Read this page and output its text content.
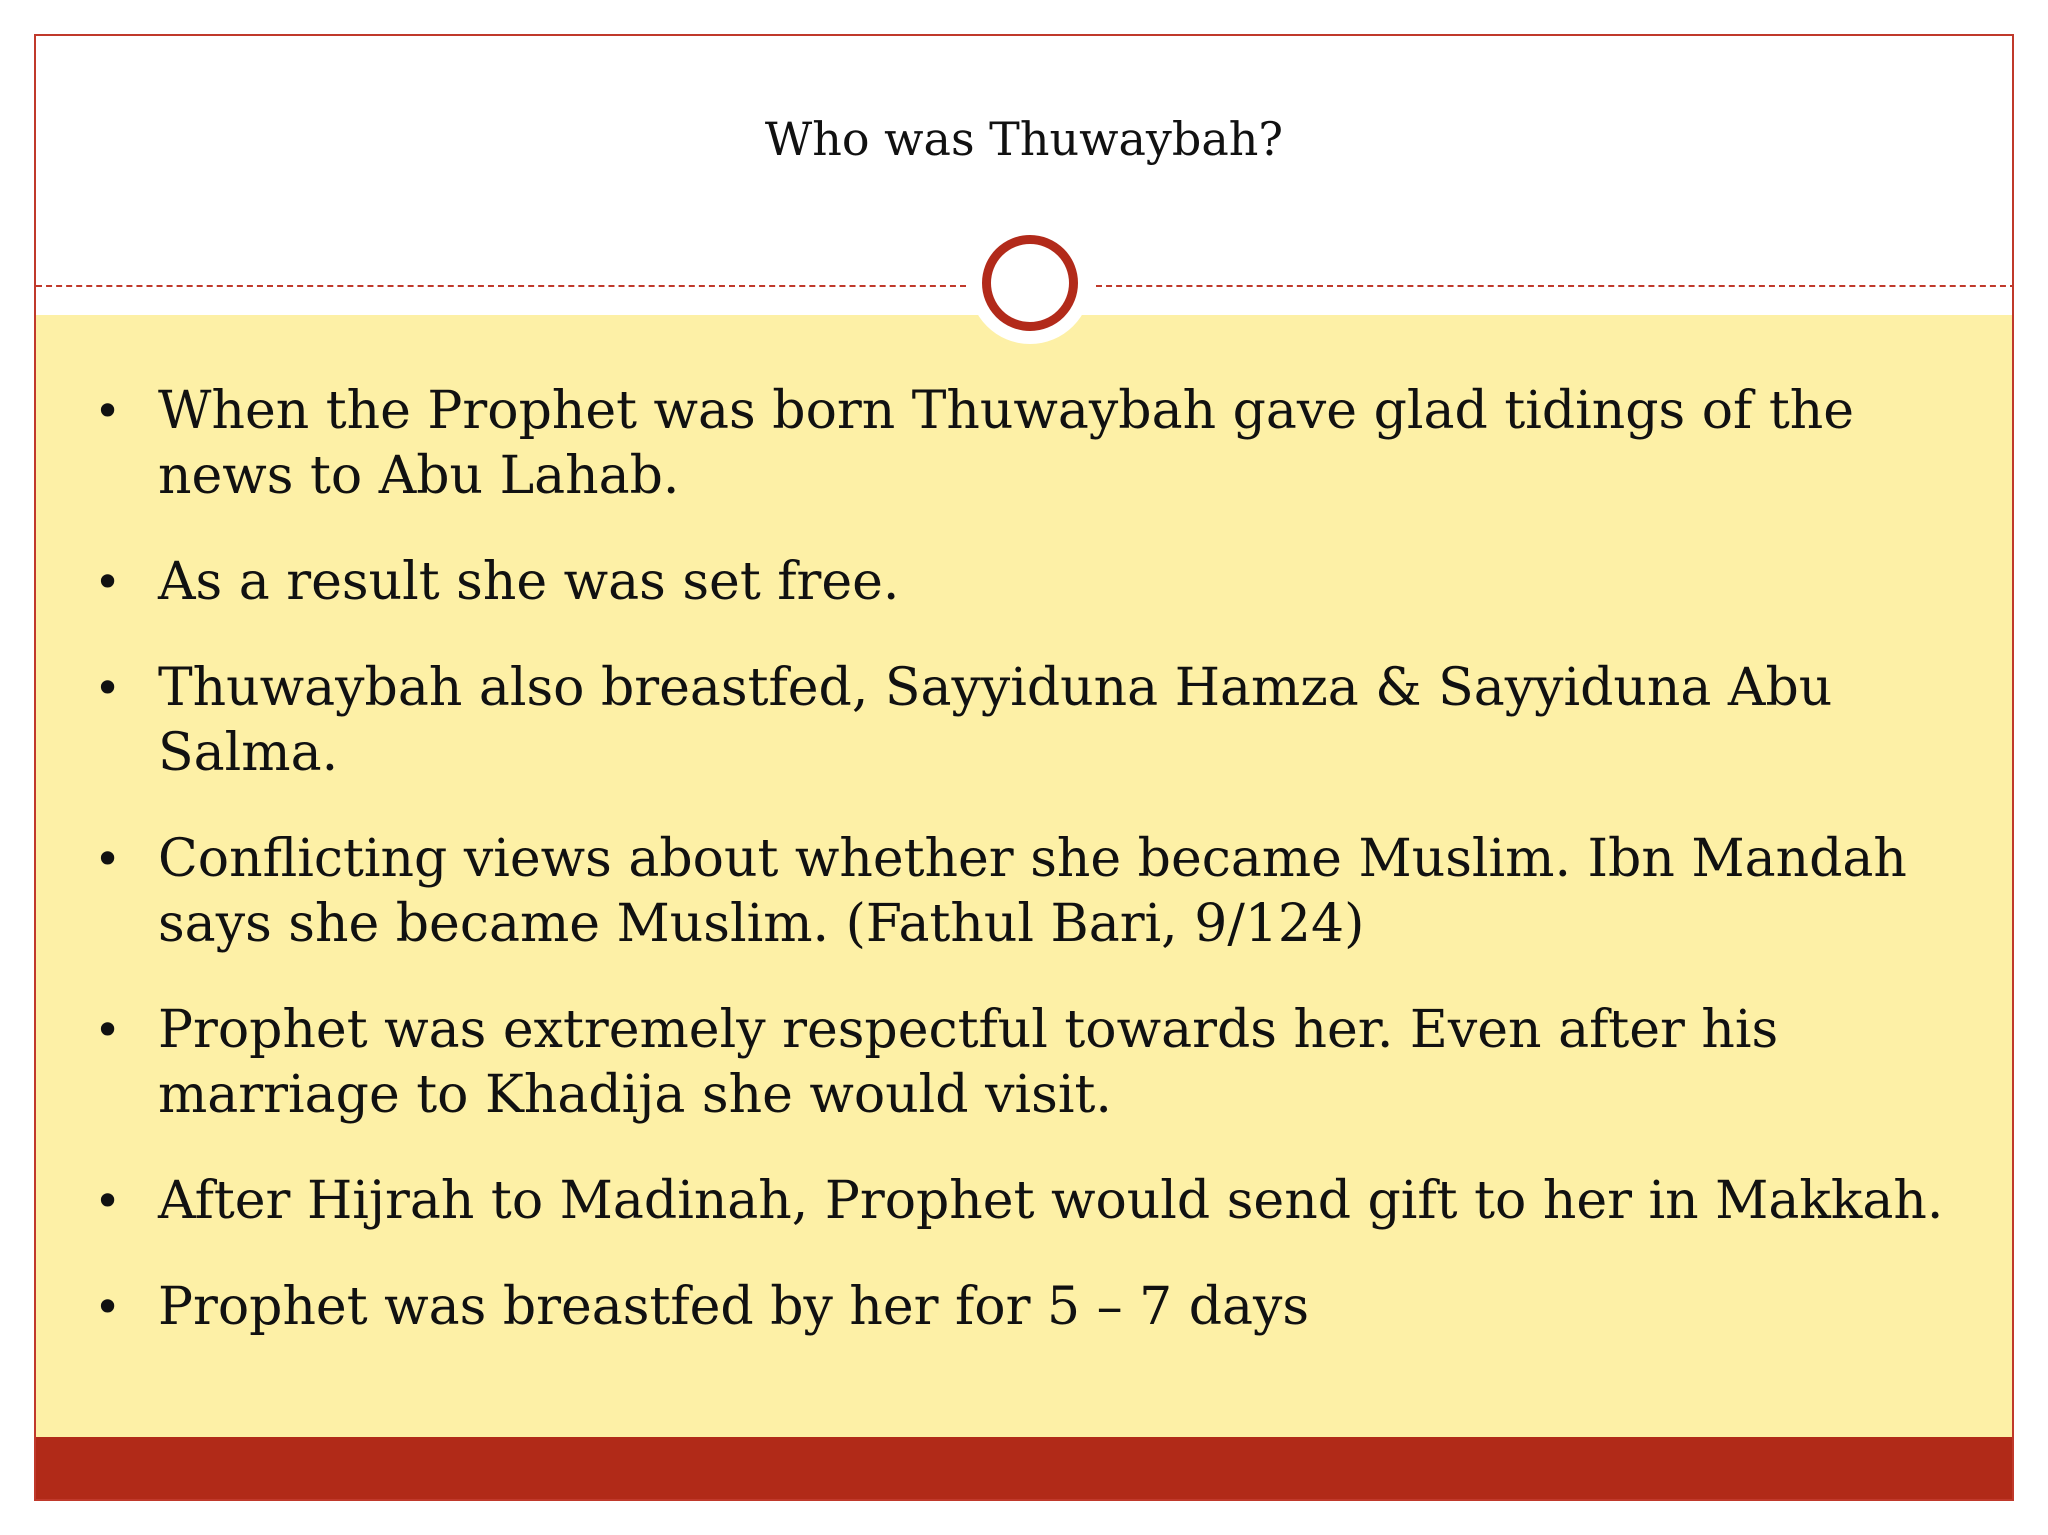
Who was Thuwaybah?
• When the Prophet was born Thuwaybah gave glad tidings of the news to Abu Lahab.
• As a result she was set free.
• Thuwaybah also breastfed, Sayyiduna Hamza & Sayyiduna Abu Salma.
• Conflicting views about whether she became Muslim. Ibn Mandah says she became Muslim. (Fathul Bari, 9/124)
• Prophet was extremely respectful towards her. Even after his marriage to Khadija she would visit.
• After Hijrah to Madinah, Prophet would send gift to her in Makkah.
• Prophet was breastfed by her for 5 – 7 days
